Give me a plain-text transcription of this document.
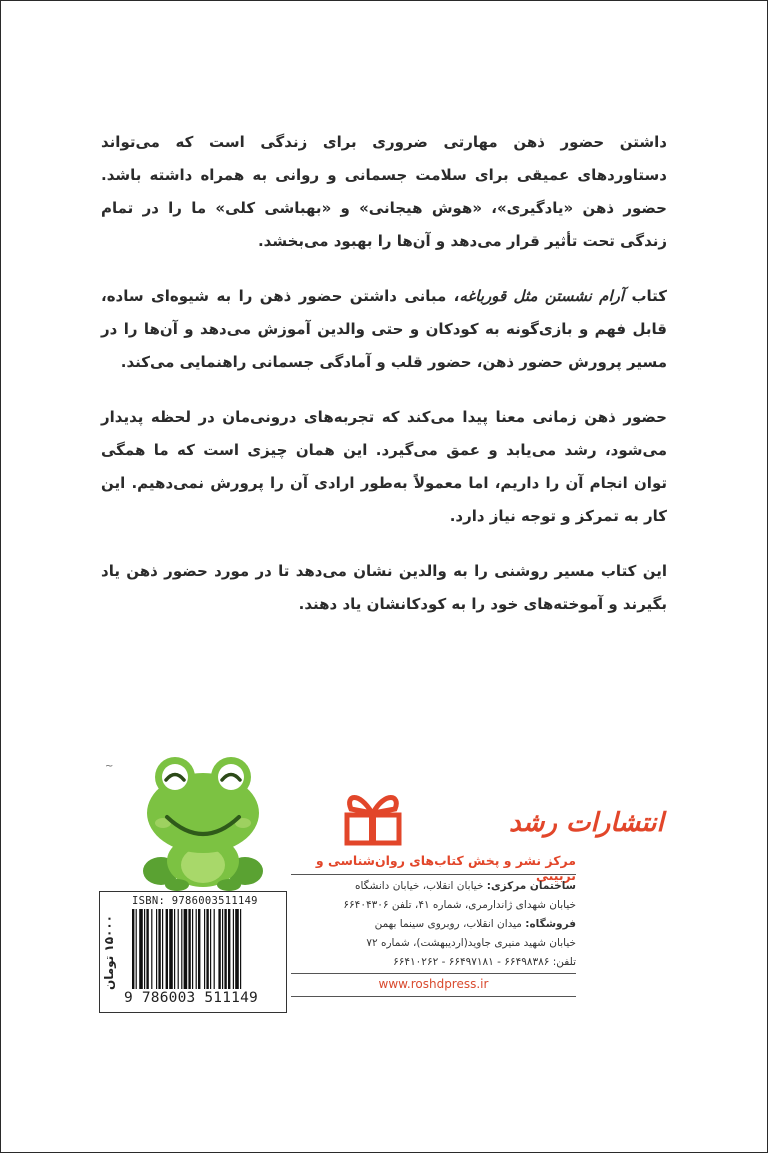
داشتن حضور ذهن مهارتی ضروری برای زندگی است که می‌تواند دستاوردهای عمیقی برای سلامت جسمانی و روانی به همراه داشته باشد. حضور ذهن «یادگیری»، «هوش هیجانی» و «بهباشی کلی» ما را در تمام زندگی تحت تأثیر قرار می‌دهد و آن‌ها را بهبود می‌بخشد.

کتاب آرام نشستن مثل قورباغه، مبانی داشتن حضور ذهن را به شیوه‌ای ساده، قابل فهم و بازی‌گونه به کودکان و حتی والدین آموزش می‌دهد و آن‌ها را در مسیر پرورش حضور ذهن، حضور قلب و آمادگی جسمانی راهنمایی می‌کند.

حضور ذهن زمانی معنا پیدا می‌کند که تجربه‌های درونی‌مان در لحظه پدیدار می‌شود، رشد می‌یابد و عمق می‌گیرد. این همان چیزی است که ما همگی توان انجام آن را داریم، اما معمولاً به‌طور ارادی آن را پرورش نمی‌دهیم. این کار به تمرکز و توجه نیاز دارد.

این کتاب مسیر روشنی را به والدین نشان می‌دهد تا در مورد حضور ذهن یاد بگیرند و آموخته‌های خود را به کودکانشان یاد دهند.

~
انتشارات رشد
مرکز نشر و پخش کتاب‌های روان‌شناسی و تربیتی
ساختمان مرکزی: خیابان انقلاب، خیابان دانشگاه
خیابان شهدای ژاندارمری، شماره ۴۱، تلفن ۶۶۴۰۴۳۰۶
فروشگاه: میدان انقلاب، روبروی سینما بهمن
خیابان شهید منیری جاوید(اردیبهشت)، شماره ۷۲
تلفن: ۶۶۴۹۸۳۸۶ - ۶۶۴۹۷۱۸۱ - ۶۶۴۱۰۲۶۲
www.roshdpress.ir
۱۵۰۰۰ تومان
ISBN: 9786003511149
9 786003 511149
